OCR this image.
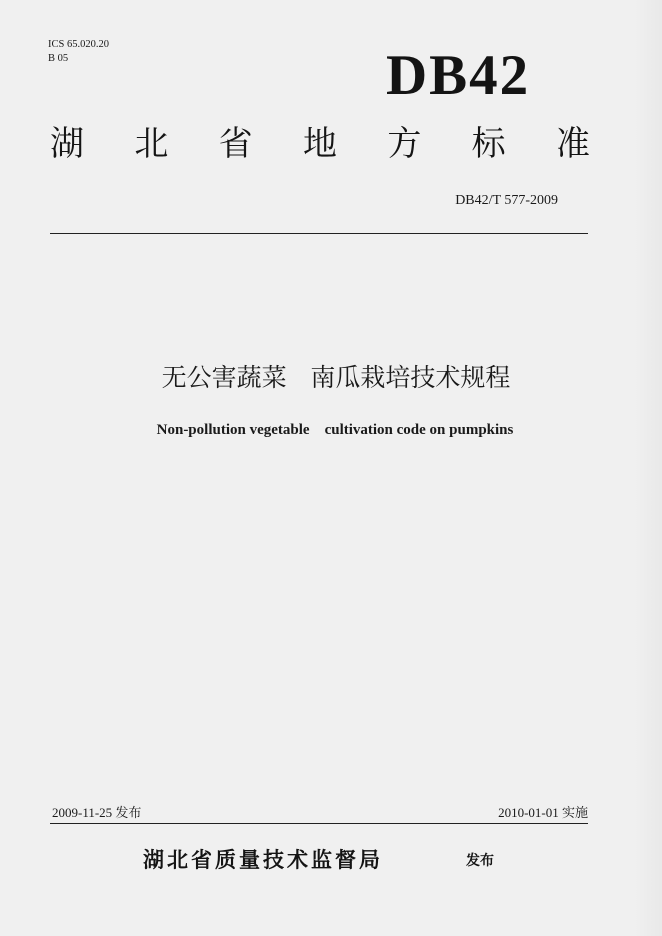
ICS 65.020.20
B 05	DB42
湖 北 省 地 方 标 准
DB42/T 577-2009
无公害蔬菜   南瓜栽培技术规程
Non-pollution vegetable    cultivation code on pumpkins
2009-11-25 发布	2010-01-01 实施
湖北省质量技术监督局	发布
